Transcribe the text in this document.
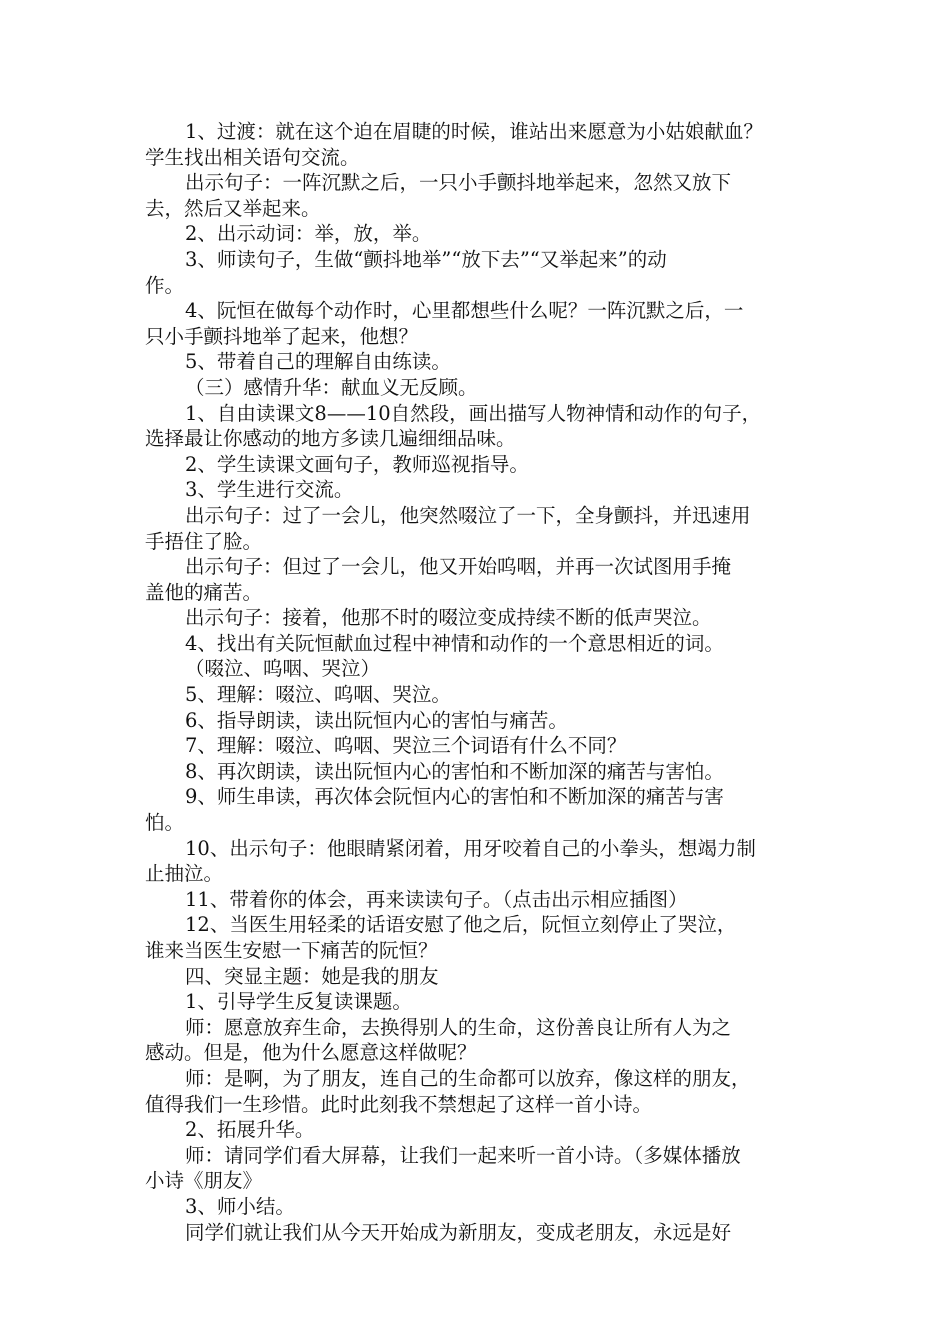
1、过渡：就在这个迫在眉睫的时候，谁站出来愿意为小姑娘献血？
学生找出相关语句交流。
出示句子：一阵沉默之后，一只小手颤抖地举起来，忽然又放下
去，然后又举起来。
2、出示动词：举，放，举。
3、师读句子，生做“颤抖地举”“放下去”“又举起来”的动
作。
4、阮恒在做每个动作时，心里都想些什么呢？一阵沉默之后，一
只小手颤抖地举了起来，他想？
5、带着自己的理解自由练读。
（三）感情升华：献血义无反顾。
1、自由读课文8——10自然段，画出描写人物神情和动作的句子，
选择最让你感动的地方多读几遍细细品味。
2、学生读课文画句子，教师巡视指导。
3、学生进行交流。
出示句子：过了一会儿，他突然啜泣了一下，全身颤抖，并迅速用
手捂住了脸。
出示句子：但过了一会儿，他又开始呜咽，并再一次试图用手掩
盖他的痛苦。
出示句子：接着，他那不时的啜泣变成持续不断的低声哭泣。
4、找出有关阮恒献血过程中神情和动作的一个意思相近的词。
（啜泣、呜咽、哭泣）
5、理解：啜泣、呜咽、哭泣。
6、指导朗读，读出阮恒内心的害怕与痛苦。
7、理解：啜泣、呜咽、哭泣三个词语有什么不同？
8、再次朗读，读出阮恒内心的害怕和不断加深的痛苦与害怕。
9、师生串读，再次体会阮恒内心的害怕和不断加深的痛苦与害
怕。
10、出示句子：他眼睛紧闭着，用牙咬着自己的小拳头，想竭力制
止抽泣。
11、带着你的体会，再来读读句子。（点击出示相应插图）
12、当医生用轻柔的话语安慰了他之后，阮恒立刻停止了哭泣，
谁来当医生安慰一下痛苦的阮恒？
四、突显主题：她是我的朋友
1、引导学生反复读课题。
师：愿意放弃生命，去换得别人的生命，这份善良让所有人为之
感动。但是，他为什么愿意这样做呢？
师：是啊，为了朋友，连自己的生命都可以放弃，像这样的朋友，
值得我们一生珍惜。此时此刻我不禁想起了这样一首小诗。
2、拓展升华。
师：请同学们看大屏幕，让我们一起来听一首小诗。（多媒体播放
小诗《朋友》
3、师小结。
同学们就让我们从今天开始成为新朋友，变成老朋友，永远是好
